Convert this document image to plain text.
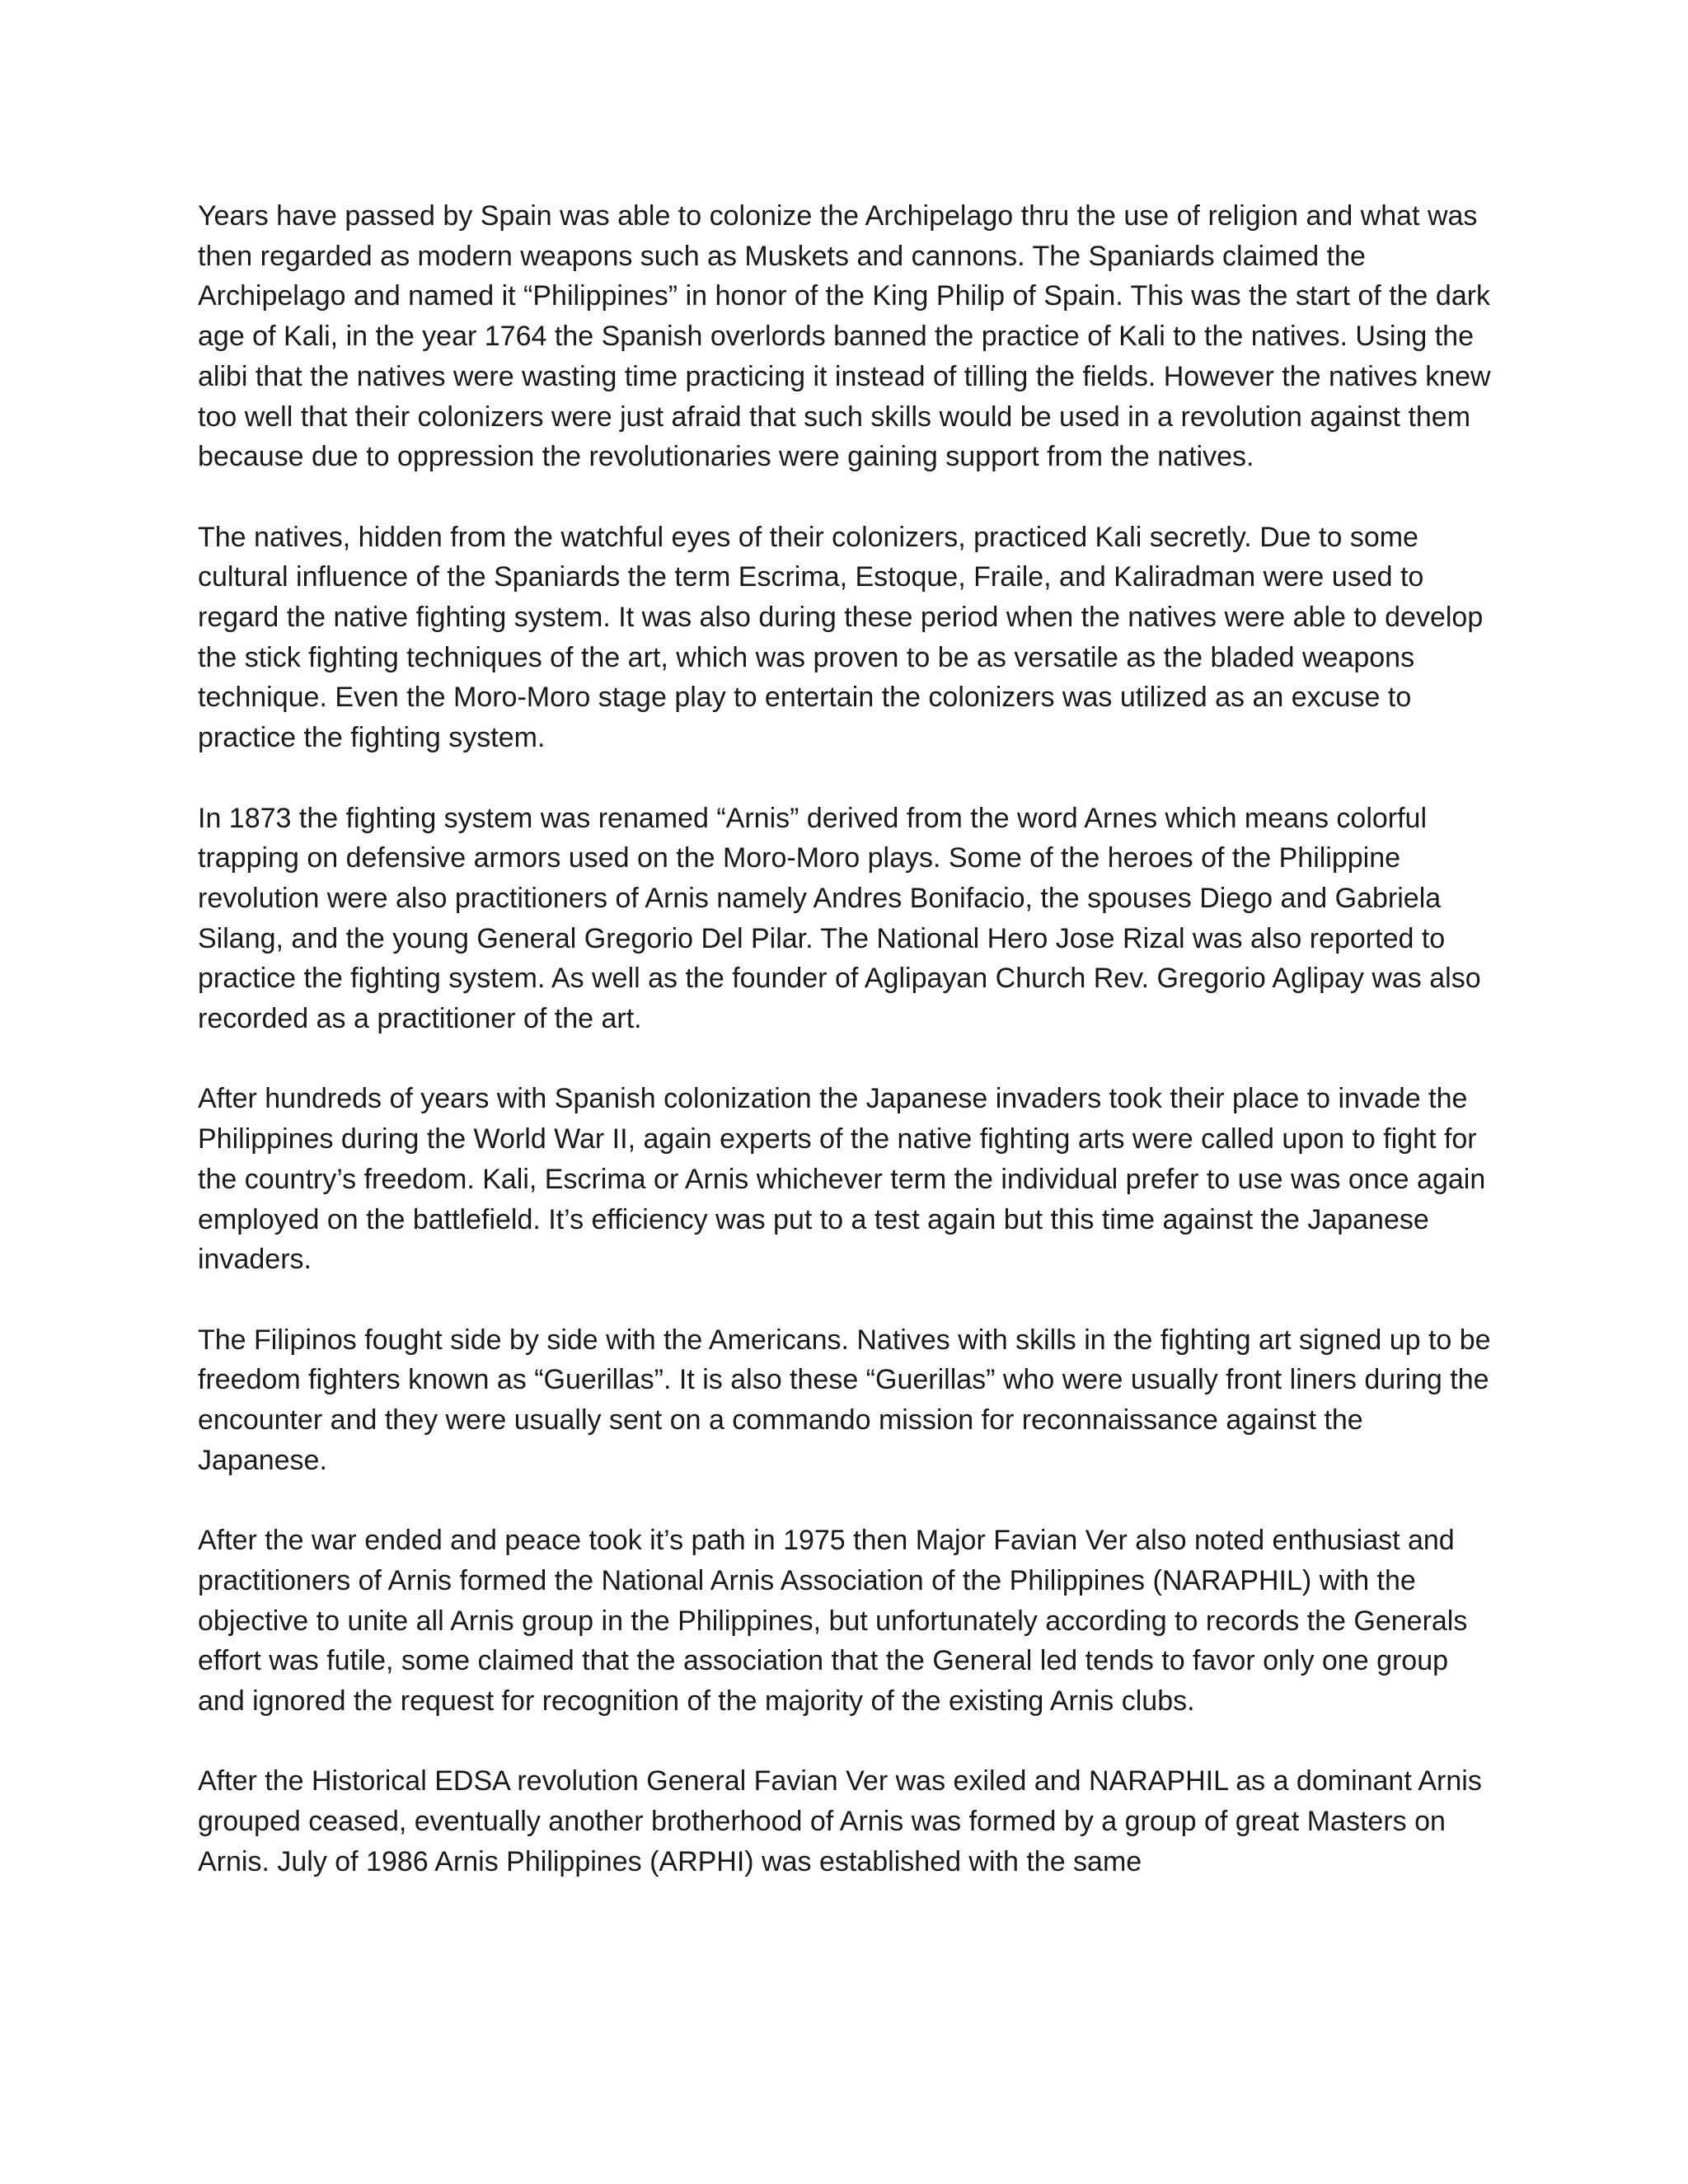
Years have passed by Spain was able to colonize the Archipelago thru the use of religion and what was then regarded as modern weapons such as Muskets and cannons. The Spaniards claimed the Archipelago and named it “Philippines” in honor of the King Philip of Spain. This was the start of the dark age of Kali, in the year 1764 the Spanish overlords banned the practice of Kali to the natives. Using the alibi that the natives were wasting time practicing it instead of tilling the fields. However the natives knew too well that their colonizers were just afraid that such skills would be used in a revolution against them because due to oppression the revolutionaries were gaining support from the natives.

The natives, hidden from the watchful eyes of their colonizers, practiced Kali secretly. Due to some cultural influence of the Spaniards the term Escrima, Estoque, Fraile, and Kaliradman were used to regard the native fighting system. It was also during these period when the natives were able to develop the stick fighting techniques of the art, which was proven to be as versatile as the bladed weapons technique. Even the Moro-Moro stage play to entertain the colonizers was utilized as an excuse to practice the fighting system.

In 1873 the fighting system was renamed “Arnis” derived from the word Arnes which means colorful trapping on defensive armors used on the Moro-Moro plays. Some of the heroes of the Philippine revolution were also practitioners of Arnis namely Andres Bonifacio, the spouses Diego and Gabriela Silang, and the young General Gregorio Del Pilar. The National Hero Jose Rizal was also reported to practice the fighting system. As well as the founder of Aglipayan Church Rev. Gregorio Aglipay was also recorded as a practitioner of the art.

After hundreds of years with Spanish colonization the Japanese invaders took their place to invade the Philippines during the World War II, again experts of the native fighting arts were called upon to fight for the country’s freedom. Kali, Escrima or Arnis whichever term the individual prefer to use was once again employed on the battlefield. It’s efficiency was put to a test again but this time against the Japanese invaders.

The Filipinos fought side by side with the Americans. Natives with skills in the fighting art signed up to be freedom fighters known as “Guerillas”. It is also these “Guerillas” who were usually front liners during the encounter and they were usually sent on a commando mission for reconnaissance against the Japanese.

After the war ended and peace took it’s path in 1975 then Major Favian Ver also noted enthusiast and practitioners of Arnis formed the National Arnis Association of the Philippines (NARAPHIL) with the objective to unite all Arnis group in the Philippines, but unfortunately according to records the Generals effort was futile, some claimed that the association that the General led tends to favor only one group and ignored the request for recognition of the majority of the existing Arnis clubs.

After the Historical EDSA revolution General Favian Ver was exiled and NARAPHIL as a dominant Arnis grouped ceased, eventually another brotherhood of Arnis was formed by a group of great Masters on Arnis. July of 1986 Arnis Philippines (ARPHI) was established with the same
